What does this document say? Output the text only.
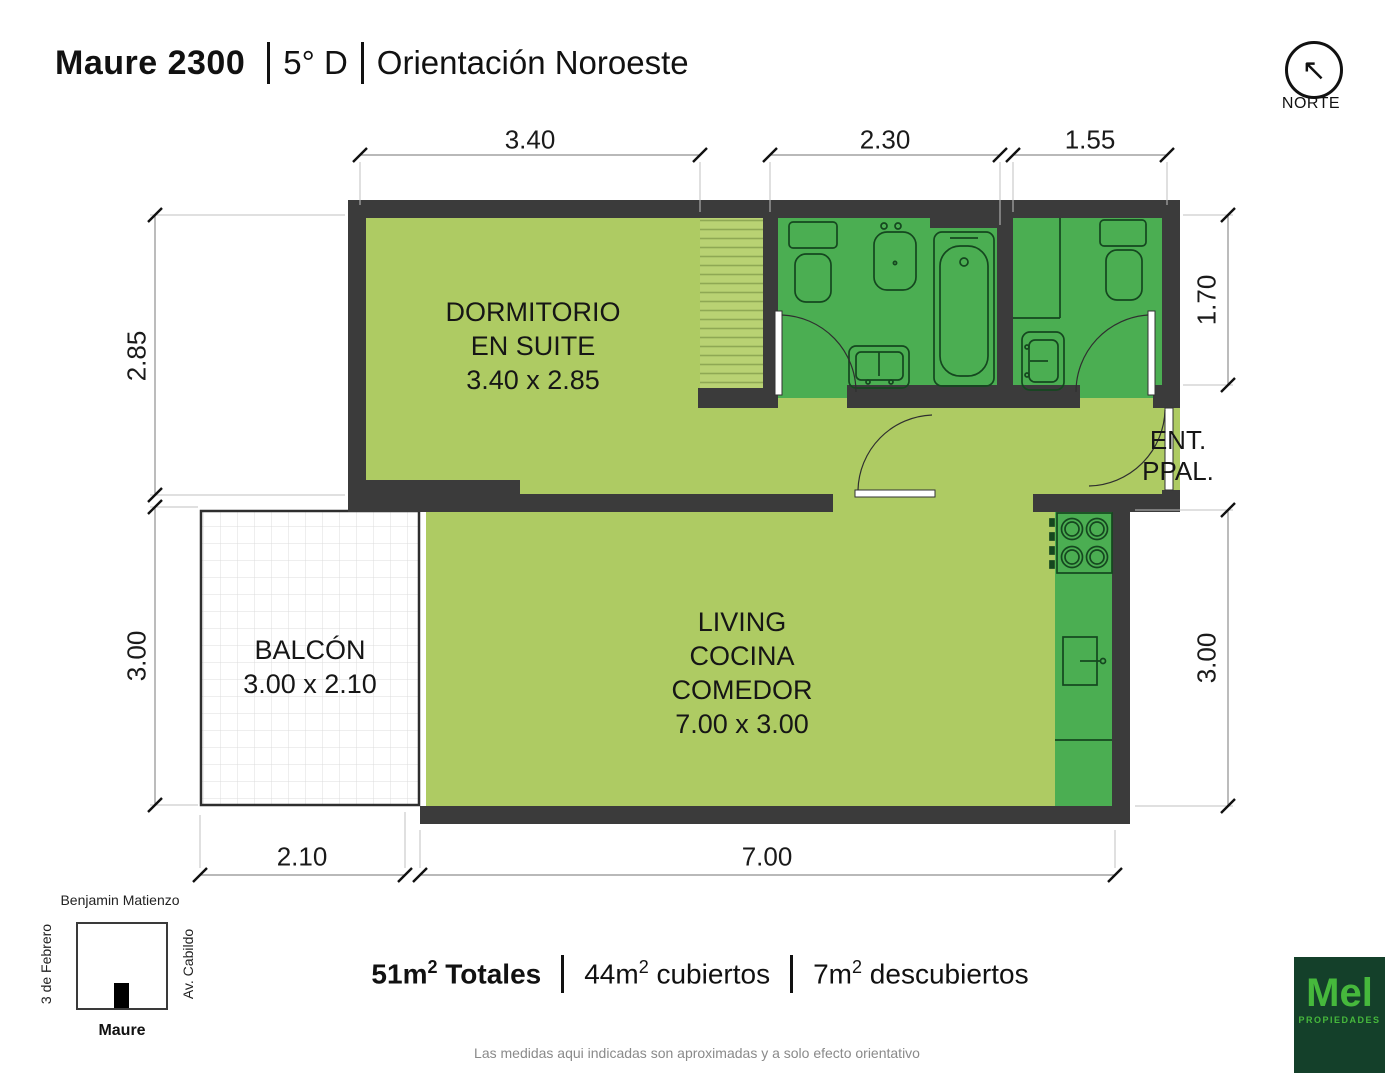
Maure 2300 5° D Orientación Noroeste	↖
NORTE
DORMITORIO
EN SUITE
3.40 x 2.85
LIVING
COCINA
COMEDOR
7.00 x 3.00
BALCÓN
3.00 x 2.10
ENT.
PPAL.
3.40	2.30	1.55
2.85
3.00
1.70
3.00
2.10	7.00
Benjamin Matienzo
3 de Febrero	Av. Cabildo
Maure
$51m^2$ Totales $44m^2$ cubiertos $7m^2$ descubiertos
Las medidas aqui indicadas son aproximadas y a solo efecto orientativo
Mel
PROPIEDADES
